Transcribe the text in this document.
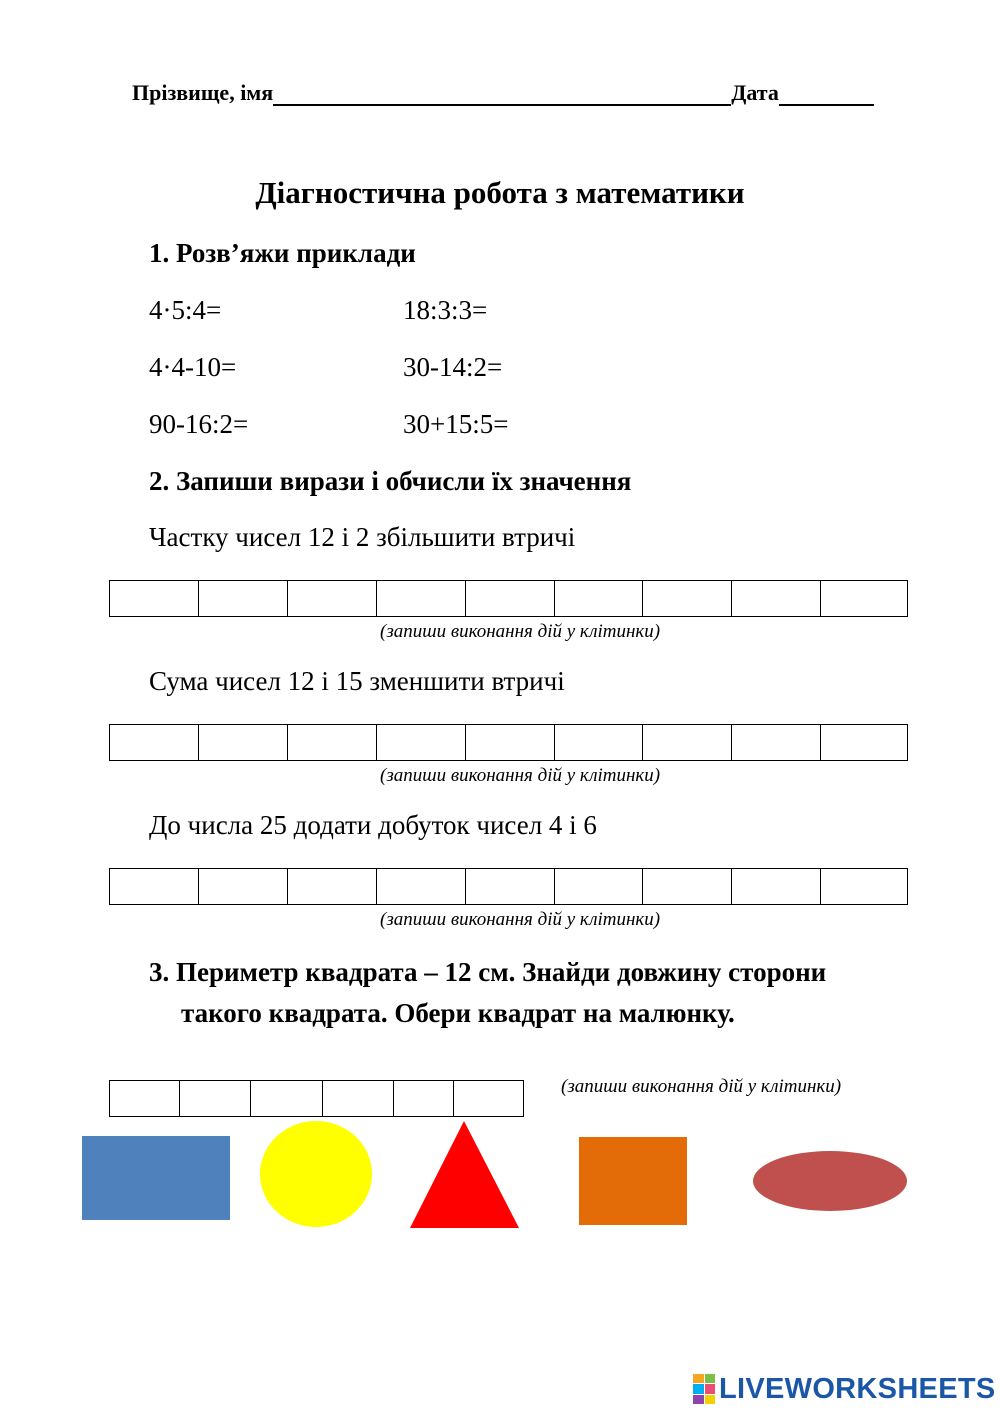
Прізвище, імя	Дата
Діагностична робота з математики
1. Розв’яжи приклади
4·5:4=	18:3:3=
4·4-10=	30-14:2=
90-16:2=	30+15:5=
2. Запиши вирази і обчисли їх значення
Частку чисел 12 і 2 збільшити втричі
(запиши виконання дій у клітинки)
Сума чисел 12 і 15 зменшити втричі
(запиши виконання дій у клітинки)
До числа 25 додати добуток чисел 4 і 6
(запиши виконання дій у клітинки)
3. Периметр квадрата – 12 см. Знайди довжину сторони
такого квадрата. Обери квадрат на малюнку.
(запиши виконання дій у клітинки)
LIVEWORKSHEETS
